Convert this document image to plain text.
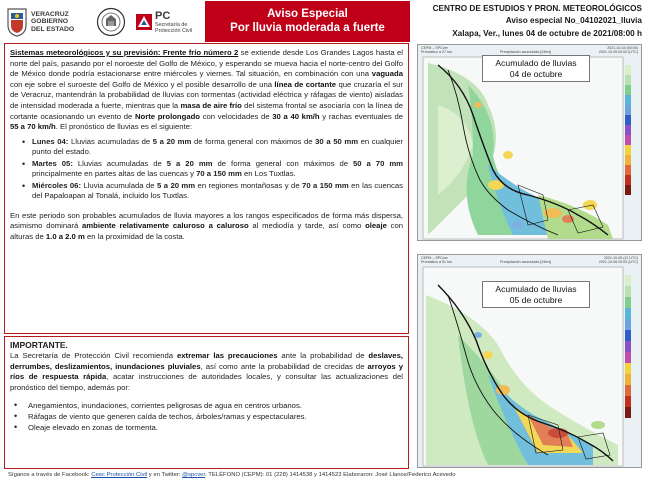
VERACRUZ
GOBIERNO
DEL ESTADO
PC
Secretaría de
Protección Civil
Aviso Especial
Por lluvia moderada a fuerte
CENTRO DE ESTUDIOS Y PRON. METEOROLÓGICOS
Aviso especial No_04102021_lluvia
Xalapa, Ver., lunes 04 de octubre de 2021/08:00 h

Sistemas meteorológicos y su previsión: Frente frío número 2 se extiende desde Los Grandes Lagos hasta el norte del país, pasando por el noroeste del Golfo de México, y esperando se mueva hacia el norte-centro del Golfo de México donde podría estacionarse entre miércoles y viernes. Tal situación, en combinación con una vaguada con eje sobre el suroeste del Golfo de México y el posible desarrollo de una línea de cortante que cruzaría el sur de Veracruz, mantendrán la probabilidad de lluvias con tormentas (actividad eléctrica y ráfagas de viento) aisladas de intensidad moderada a fuerte, mientras que la masa de aire frío del sistema frontal se asociaría con la línea de cortante ocasionando un evento de Norte prolongado con velocidades de 30 a 40 km/h y rachas eventuales de 55 a 70 km/h. El pronóstico de lluvias es el siguiente:

• Lunes 04: Lluvias acumuladas de 5 a 20 mm de forma general con máximos de 30 a 50 mm en cualquier punto del estado.
• Martes 05: Lluvias acumuladas de 5 a 20 mm de forma general con máximos de 50 a 70 mm principalmente en partes altas de las cuencas y 70 a 150 mm en Los Tuxtlas.
• Miércoles 06: Lluvia acumulada de 5 a 20 mm en regiones montañosas y de 70 a 150 mm en las cuencas del Papaloapan al Tonalá, incluido los Tuxtlas.

En este periodo son probables acumulados de lluvia mayores a los rangos especificados de forma más dispersa, asimismo dominará ambiente relativamente caluroso a caluroso al mediodía y tarde, así como oleaje con alturas de 1.0 a 2.0 m en la proximidad de la costa.

IMPORTANTE.

La Secretaría de Protección Civil recomienda extremar las precauciones ante la probabilidad de deslaves, derrumbes, deslizamientos, inundaciones pluviales, así como ante la probabilidad de crecidas de arroyos y ríos de respuesta rápida, acatar instrucciones de autoridades locales, y consultar las actualizaciones del pronóstico del tiempo, además por:

• Anegamientos, inundaciones, corrientes peligrosas de agua en centros urbanos.
• Ráfagas de viento que generen caída de techos, árboles/ramas y espectaculares.
• Oleaje elevado en zonas de tormenta.
CEPM – SPCver
Pronóstico a 27 hrs	Precipitación acumulada [24hrs]
2021-10-04 (00:00)
2021-10-05 00:00 (UTC)
Acumulado de lluvias
04 de octubre
CEPM – SPCver
Pronóstico a 51 hrs	Precipitación acumulada [24hrs]
2021-10-05 (12 UTC)
2021-10-06 00:00 (UTC)
Acumulado de lluvias
05 de octubre
Síganos a través de Facebook: Ceec Protección Civil y en Twitter: @spcver. TELÉFONO (CEPM): 01 (228) 1414538 y 1414523 Elaboraron: José Llanos/Federico Acevedo
